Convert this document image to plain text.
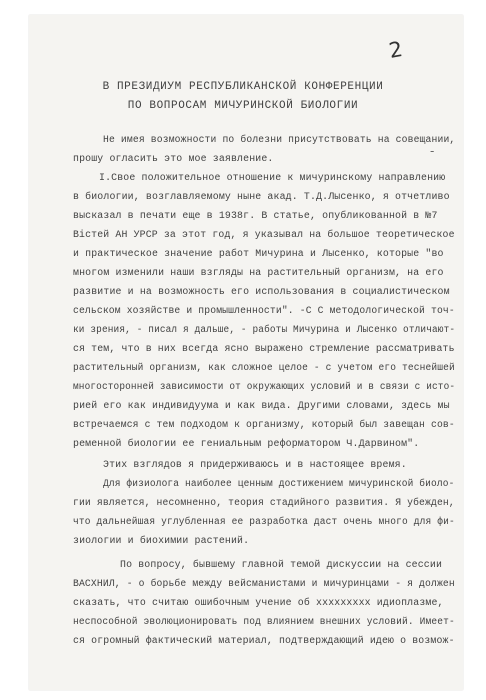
2
В ПРЕЗИДИУМ РЕСПУБЛИКАНСКОЙ КОНФЕРЕНЦИИ
ПО ВОПРОСАМ МИЧУРИНСКОЙ БИОЛОГИИ
-
Не имея возможности по болезни присутствовать на совещании,
прошу огласить это мое заявление.
I.Свое положительное отношение к мичуринскому направлению
в биологии, возглавляемому ныне акад. Т.Д.Лысенко, я отчетливо
высказал в печати еще в 1938г. В статье, опубликованной в №7
Вістей АН УРСР за этот год, я указывал на большое теоретическое
и практическое значение работ Мичурина и Лысенко, которые "во
многом изменили наши взгляды на растительный организм, на его
развитие и на возможность его использования в социалистическом
сельском хозяйстве и промышленности". -С С методологической точ-
ки зрения, - писал я дальше, - работы Мичурина и Лысенко отличают-
ся тем, что в них всегда ясно выражено стремление рассматривать
растительный организм, как сложное целое - с учетом его теснейшей
многосторонней зависимости от окружающих условий и в связи с исто-
рией его как индивидуума и как вида. Другими словами, здесь мы
встречаемся с тем подходом к организму, который был завещан сов-
ременной биологии ее гениальным реформатором Ч.Дарвином".
Этих взглядов я придерживаюсь и в настоящее время.
Для физиолога наиболее ценным достижением мичуринской биоло-
гии является, несомненно, теория стадийного развития. Я убежден,
что дальнейшая углубленная ее разработка даст очень много для фи-
зиологии и биохимии растений.
По вопросу, бывшему главной темой дискуссии на сессии
ВАСХНИЛ, - о борьбе между вейсманистами и мичуринцами - я должен
сказать, что считаю ошибочным учение об xxxxxxxxx идиоплазме,
неспособной эволюционировать под влиянием внешних условий. Имеет-
ся огромный фактический материал, подтверждающий идею о возмож-
